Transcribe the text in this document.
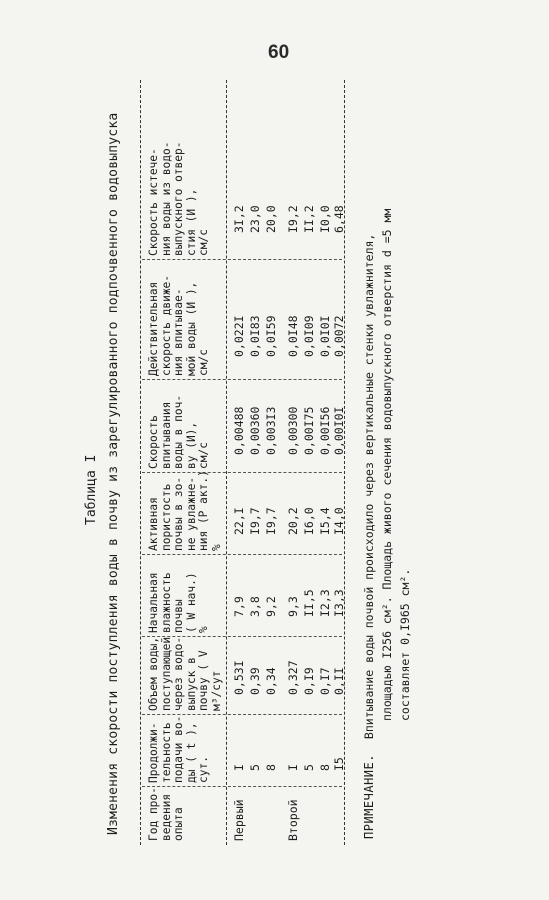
60
Таблица I Изменения скорости поступления воды в почву из зарегулированного подпочвенного водовыпуска Год про- ведения опыта
Продолжи- тельность подачи во- ды ( t ), сут.
Объем воды, поступающей через водо- выпуск в почву ( V м³/сут
Начальная влажность почвы ( W нач.) %
Активная пористость почвы в зо- не увлажне- ния (P акт.) %
Скорость впитывания воды в поч- ву (И), см/с
Действительная скорость движе- ния впитывае- мой воды (И ), см/с
Скорость истече- ния воды из водо- выпускного отвер- стия (И ), см/с
Первый
I
0,53I
7,9
22,I
0,00488
0,022I
3I,2
5
0,39
3,8
I9,7
0,00360
0,0I83
23,0
8
0,34
9,2
I9,7
0,003I3
0,0I59
20,0
Второй
I
0,327
9,3
20,2
0,00300
0,0I48
I9,2
5
0,I9
II,5
I6,0
0,00I75
0,0I09
II,2
8
0,I7
I2,3
I5,4
0,00I56
0,0I0I
I0,0
I5
0,II
I3,3
I4,0
0,00I0I
0,0072
6,48
ПРИМЕЧАНИЕ. Впитывание воды почвой происходило через вертикальные стенки увлажнителя, площадью I256 см². Площадь живого сечения водовыпускного отверстия d =5 мм составляет 0,I965 см².
